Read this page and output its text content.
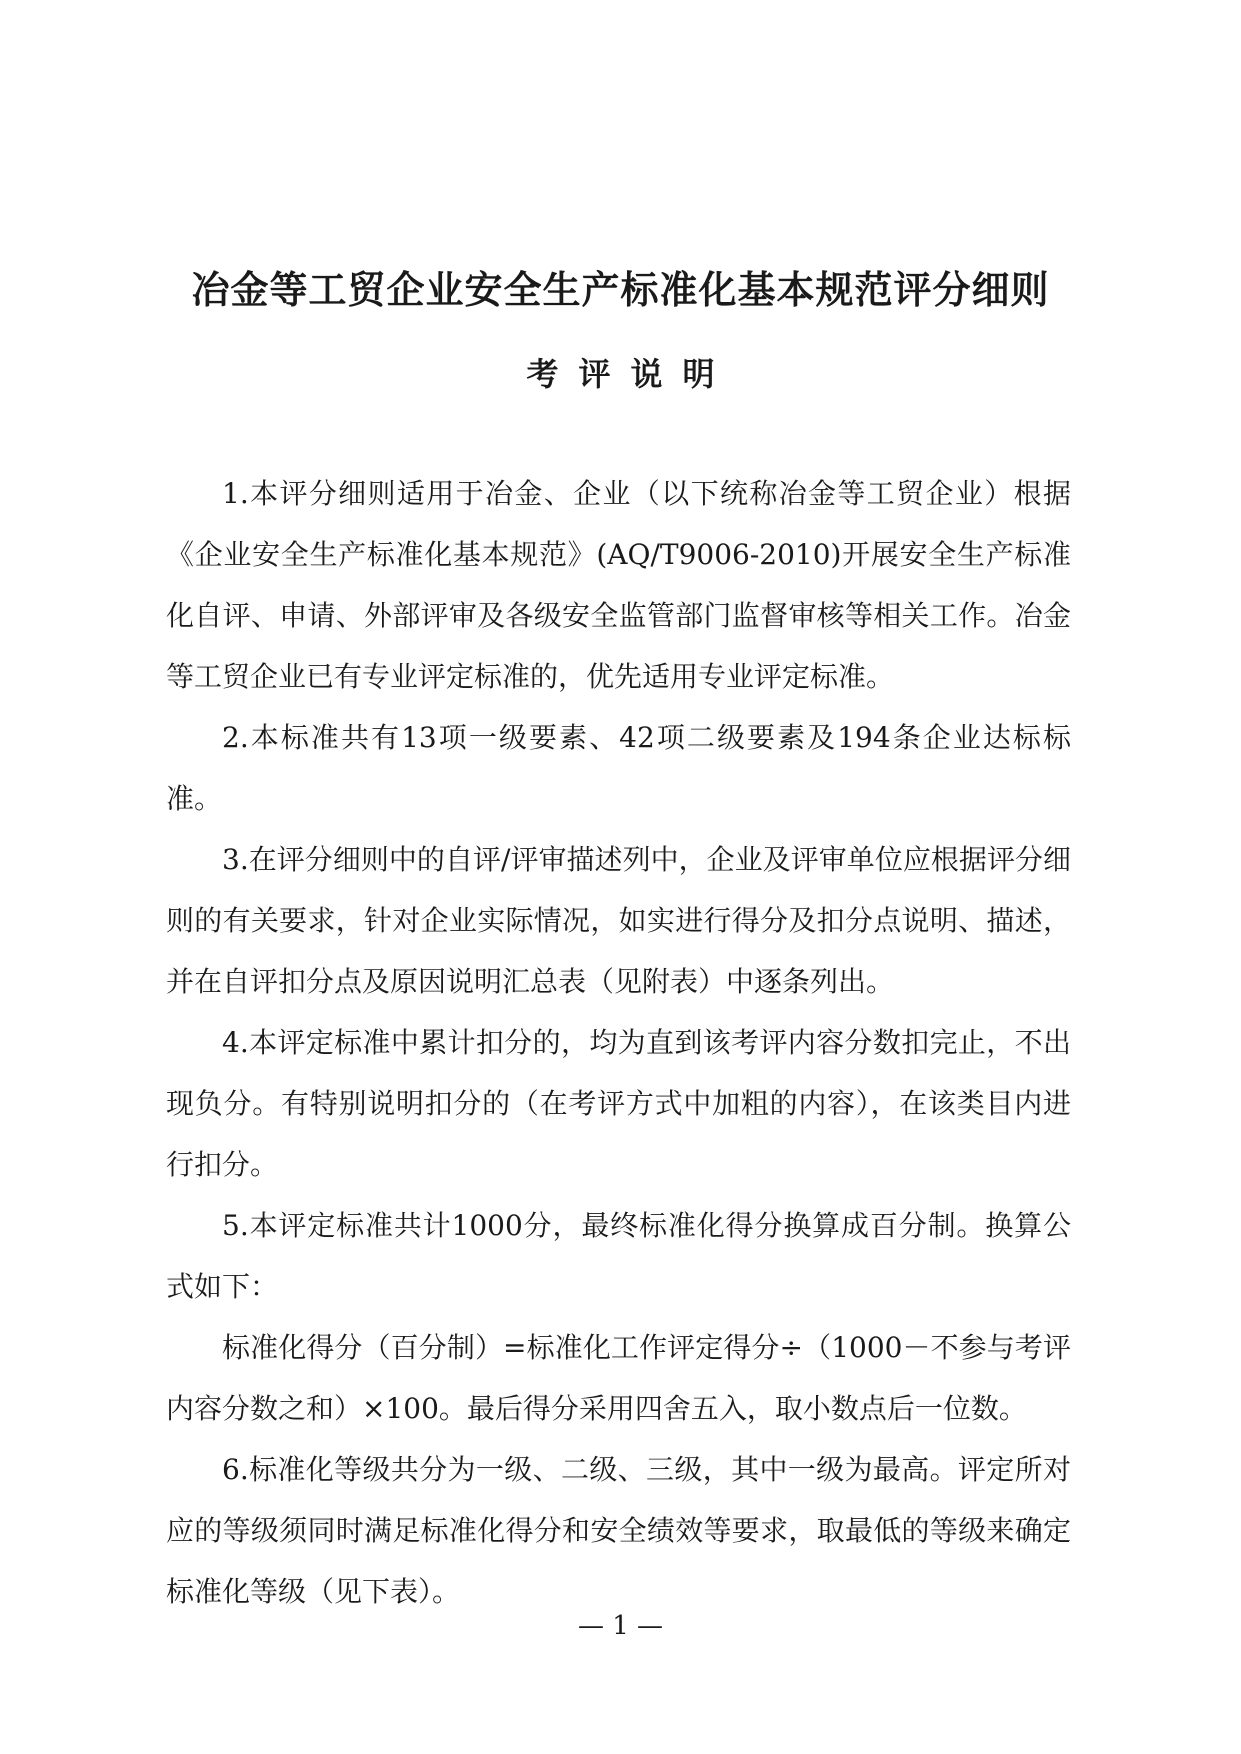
冶金等工贸企业安全生产标准化基本规范评分细则
考评说明

1.本评分细则适用于冶金、企业（以下统称冶金等工贸企业）根据《企业安全生产标准化基本规范》(AQ/T9006-2010)开展安全生产标准化自评、申请、外部评审及各级安全监管部门监督审核等相关工作。冶金等工贸企业已有专业评定标准的，优先适用专业评定标准。

2.本标准共有13项一级要素、42项二级要素及194条企业达标标准。

3.在评分细则中的自评/评审描述列中，企业及评审单位应根据评分细则的有关要求，针对企业实际情况，如实进行得分及扣分点说明、描述，并在自评扣分点及原因说明汇总表（见附表）中逐条列出。

4.本评定标准中累计扣分的，均为直到该考评内容分数扣完止，不出现负分。有特别说明扣分的（在考评方式中加粗的内容），在该类目内进行扣分。

5.本评定标准共计1000分，最终标准化得分换算成百分制。换算公式如下：

标准化得分（百分制）=标准化工作评定得分÷（1000－不参与考评内容分数之和）×100。最后得分采用四舍五入，取小数点后一位数。

6.标准化等级共分为一级、二级、三级，其中一级为最高。评定所对应的等级须同时满足标准化得分和安全绩效等要求，取最低的等级来确定标准化等级（见下表）。

— 1 —
